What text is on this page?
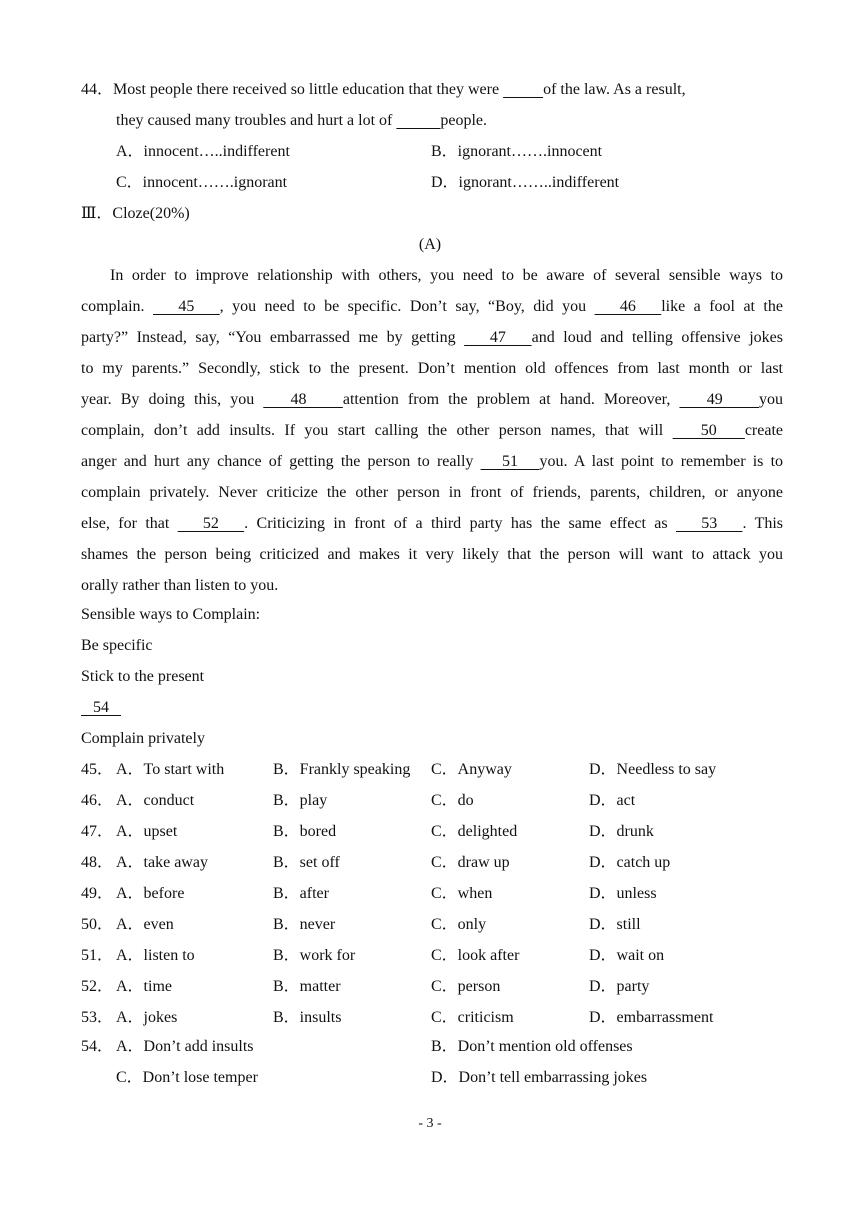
44．Most people there received so little education that they were	of the law. As a result,
they caused many troubles and hurt a lot of	people.
A．innocent…..indifferent	B．ignorant…….innocent
C．innocent…….ignorant	D．ignorant……..indifferent
Ⅲ．Cloze(20%)
(A)
In order to improve relationship with others, you need to be aware of several sensible ways to
complain.    45   , you need to be specific. Don’t say, “Boy, did you    46   like a fool at the
party?” Instead, say, “You embarrassed me by getting    47   and loud and telling offensive jokes
to my parents.” Secondly, stick to the present. Don’t mention old offences from last month or last
year. By doing this, you    48    attention from the problem at hand. Moreover,    49    you
complain, don’t add insults. If you start calling the other person names, that will    50   create
anger and hurt any chance of getting the person to really    51   you. A last point to remember is to
complain privately. Never criticize the other person in front of friends, parents, children, or anyone
else, for that    52   . Criticizing in front of a third party has the same effect as    53   . This
shames the person being criticized and makes it very likely that the person will want to attack you
orally rather than listen to you.
Sensible ways to Complain:
Be specific
Stick to the present
54
Complain privately
45． A．To start with	B．Frankly speaking C．Anyway	D．Needless to say
46． A．conduct	B．play	C．do	D．act
47． A．upset	B．bored	C．delighted	D．drunk
48． A．take away	B．set off	C．draw up	D．catch up
49． A．before	B．after	C．when	D．unless
50． A．even	B．never	C．only	D．still
51． A．listen to	B．work for	C．look after	D．wait on
52． A．time	B．matter	C．person	D．party
53． A．jokes	B．insults	C．criticism	D．embarrassment
54． A．Don’t add insults	B．Don’t mention old offenses
C．Don’t lose temper	D．Don’t tell embarrassing jokes
- 3 -
